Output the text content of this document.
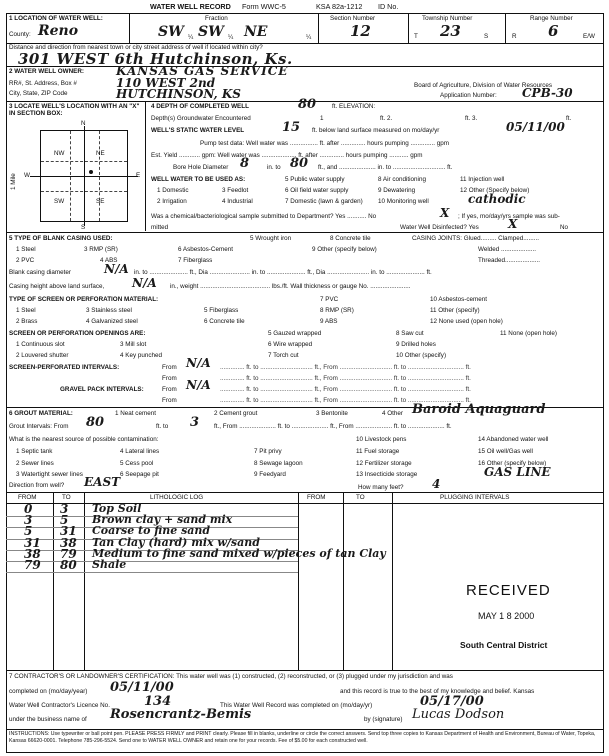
WATER WELL RECORD Form WWC-5	KSA 82a-1212 ID No.
1 LOCATION OF WATER WELL:
County: Reno
Fraction
SW ¼ SW ¼ NE	¼
Section Number
12
Township Number
T 23	S
Range Number
R 6	E/W
Distance and direction from nearest town or city street address of well if located within city?
301 WEST 6th Hutchinson, Ks.
2 WATER WELL OWNER:	KANSAS GAS SERVICE
RR#, St. Address, Box #	110 WEST 2nd
City, State, ZIP Code	HUTCHINSON, KS
Board of Agriculture, Division of Water Resources
Application Number: CPB-30
3 LOCATE WELL'S LOCATION WITH AN "X" IN SECTION BOX:
N
S
W	E
NW	NE
SW	SE
1 Mile
4 DEPTH OF COMPLETED WELL	80	ft. ELEVATION:
Depth(s) Groundwater Encountered	1	ft. 2.	ft. 3.	ft.
WELL'S STATIC WATER LEVEL	15 ft. below land surface measured on mo/day/yr	05/11/00
Pump test data: Well water was ................ ft. after .............. hours pumping .............. gpm
Est. Yield ............ gpm: Well water was .................... ft. after .............. hours pumping ........... gpm
Bore Hole Diameter 8	in. to 80 ft., and ..................... in. to .............................. ft.
WELL WATER TO BE USED AS:	5 Public water supply	8 Air conditioning	11 Injection well
1 Domestic	3 Feedlot	6 Oil field water supply	9 Dewatering	12 Other (Specify below)
2 Irrigation	4 Industrial	7 Domestic (lawn & garden) 10 Monitoring well	cathodic
Was a chemical/bacteriological sample submitted to Department? Yes ........... No	X ; If yes, mo/day/yrs sample was sub-
mitted	Water Well Disinfected? Yes X	No
5 TYPE OF BLANK CASING USED:	5 Wrought iron	8 Concrete tile	CASING JOINTS: Glued......... Clamped.........
1 Steel	3 RMP (SR)	6 Asbestos-Cement	9 Other (specify below)	Welded ....................
2 PVC	4 ABS	7 Fiberglass	Threaded....................
Blank casing diameter	N/A in. to ...................... ft., Dia ....................... in. to ...................... ft., Dia ........................ in. to ...................... ft.
Casing height above land surface, N/A in., weight ........................................ lbs./ft. Wall thickness or gauge No. .......................
TYPE OF SCREEN OR PERFORATION MATERIAL:	7 PVC	10 Asbestos-cement
1 Steel	3 Stainless steel	5 Fiberglass	8 RMP (SR)	11 Other (specify)
2 Brass	4 Galvanized steel	6 Concrete tile	9 ABS	12 None used (open hole)
SCREEN OR PERFORATION OPENINGS ARE:	5 Gauzed wrapped	8 Saw cut	11 None (open hole)
1 Continuous slot	3 Mill slot	6 Wire wrapped	9 Drilled holes
2 Louvered shutter	4 Key punched	7 Torch cut	10 Other (specify)
SCREEN-PERFORATED INTERVALS:	From N/A .............. ft. to .............................. ft., From .............................. ft. to ................................ ft.
From	.............. ft. to .............................. ft., From .............................. ft. to ................................ ft.
GRAVEL PACK INTERVALS:	From N/A .............. ft. to .............................. ft., From .............................. ft. to ................................ ft.
From	.............. ft. to .............................. ft., From .............................. ft. to ................................ ft.
6 GROUT MATERIAL:	1 Neat cement	2 Cement grout	3 Bentonite	4 Other Baroid Aquaguard
Grout Intervals: From 80	ft. to 3 ft., From ..................... ft. to ..................... ft., From ..................... ft. to ..................... ft.
What is the nearest source of possible contamination:	10 Livestock pens	14 Abandoned water well
1 Septic tank	4 Lateral lines	7 Pit privy	11 Fuel storage	15 Oil well/Gas well
2 Sewer lines	5 Cess pool	8 Sewage lagoon	12 Fertilizer storage	16 Other (specify below)
3 Watertight sewer lines	6 Seepage pit	9 Feedyard	13 Insecticide storage	GAS LINE
Direction from well? EAST	How many feet? 4
FROM	TO	LITHOLOGIC LOG	FROM	TO	PLUGGING INTERVALS
0 3 Top Soil
3 5 Brown clay + sand mix
5 31 Coarse to fine sand
31 38 Tan Clay (hard) mix w/sand
38 79 Medium to fine sand mixed w/pieces of tan Clay
79 80 Shale
RECEIVED
MAY 1 8 2000
South Central District
7 CONTRACTOR'S OR LANDOWNER'S CERTIFICATION: This water well was (1) constructed, (2) reconstructed, or (3) plugged under my jurisdiction and was
completed on (mo/day/year) 05/11/00	and this record is true to the best of my knowledge and belief. Kansas
Water Well Contractor's Licence No.	134	This Water Well Record was completed on (mo/day/yr)	05/17/00
under the business name of Rosencrantz-Bemis	by (signature) Lucas Dodson
INSTRUCTIONS: Use typewriter or ball point pen. PLEASE PRESS FIRMLY and PRINT clearly. Please fill in blanks, underline or circle the correct answers. Send top three copies to Kansas Department of Health and Environment, Bureau of Water, Topeka, Kansas 66620-0001. Telephone 785-296-5524. Send one to WATER WELL OWNER and retain one for your records. Fee of $5.00 for each constructed well.
